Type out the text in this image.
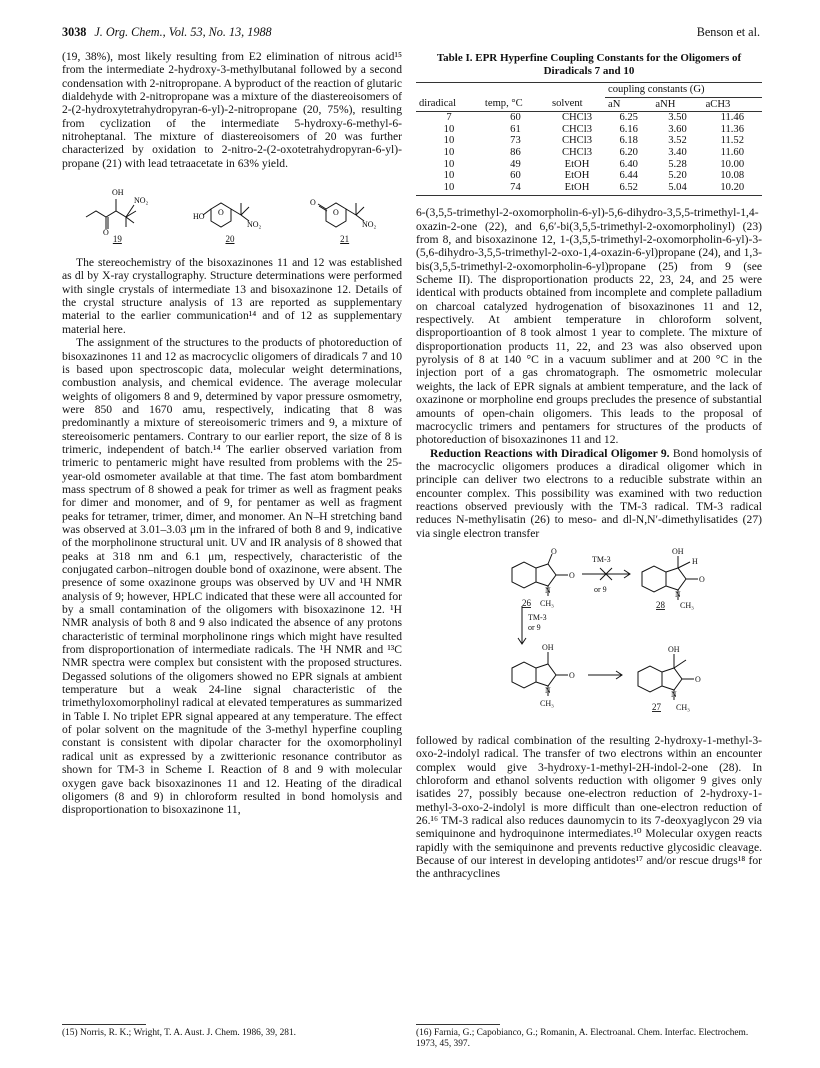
3038 J. Org. Chem., Vol. 53, No. 13, 1988	Benson et al.

(19, 38%), most likely resulting from E2 elimination of nitrous acid¹⁵ from the intermediate 2-hydroxy-3-methylbutanal followed by a second condensation with 2-nitropropane. A byproduct of the reaction of glutaric dialdehyde with 2-nitropropane was a mixture of the diastereoisomers of 2-(2-hydroxytetrahydropyran-6-yl)-2-nitropropane (20, 75%), resulting from cyclization of the intermediate 5-hydroxy-6-methyl-6-nitroheptanal. The mixture of diastereoisomers of 20 was further characterized by oxidation to 2-nitro-2-(2-oxotetrahydropyran-6-yl)-propane (21) with lead tetraacetate in 63% yield.

OH
NO₂
O
19
HO O
NO₂
20
O
O
NO₂
21

The stereochemistry of the bisoxazinones 11 and 12 was established as dl by X-ray crystallography. Structure determinations were performed with single crystals of intermediate 13 and bisoxazinone 12. Details of the crystal structure analysis of 13 are reported as supplementary material to the earlier communication¹⁴ and of 12 as supplementary material here.

The assignment of the structures to the products of photoreduction of bisoxazinones 11 and 12 as macrocyclic oligomers of diradicals 7 and 10 is based upon spectroscopic data, molecular weight determinations, combustion analysis, and chemical evidence. The average molecular weights of oligomers 8 and 9, determined by vapor pressure osmometry, were 850 and 1670 amu, respectively, indicating that 8 was predominantly a mixture of stereoisomeric trimers and 9, a mixture of stereoisomeric pentamers. Contrary to our earlier report, the size of 8 is trimeric, independent of batch.¹⁴ The earlier observed variation from trimeric to pentameric might have resulted from problems with the 25-year-old osmometer available at that time. The fast atom bombardment mass spectrum of 8 showed a peak for trimer as well as fragment peaks for dimer and monomer, and of 9, for pentamer as well as fragment peaks for tetramer, trimer, dimer, and monomer. An N–H stretching band was observed at 3.01–3.03 μm in the infrared of both 8 and 9, indicative of the morpholinone structural unit. UV and IR analysis of 8 showed that peaks at 318 nm and 6.1 μm, respectively, characteristic of the conjugated carbon–nitrogen double bond of oxazinone, were absent. The presence of some oxazinone groups was observed by UV and ¹H NMR analysis of 9; however, HPLC indicated that these were all accounted for by a small contamination of the oligomers with bisoxazinone 12. ¹H NMR analysis of both 8 and 9 also indicated the absence of any protons characteristic of terminal morpholinone rings which might have resulted from disproportionation of intermediate radicals. The ¹H NMR and ¹³C NMR spectra were complex but consistent with the proposed structures. Degassed solutions of the oligomers showed no EPR signals at ambient temperature but a weak 24-line signal characteristic of the trimethyloxomorpholinyl radical at elevated temperatures as summarized in Table I. No triplet EPR signal appeared at any temperature. The effect of polar solvent on the magnitude of the 3-methyl hyperfine coupling constant is consistent with dipolar character for the oxomorpholinyl radical unit as expressed by a zwitterionic resonance contributor as shown for TM-3 in Scheme I. Reaction of 8 and 9 with molecular oxygen gave back bisoxazinones 11 and 12. Heating of the diradical oligomers (8 and 9) in chloroform resulted in bond homolysis and disproportionation to bisoxazinone 11,

Table I. EPR Hyperfine Coupling Constants for the Oligomers of Diradicals 7 and 10
			coupling constants (G)		
diradical	temp, °C	solvent	aN	aNH	aCH3
7	60	CHCl3	6.25	3.50	11.46
10	61	CHCl3	6.16	3.60	11.36
10	73	CHCl3	6.18	3.52	11.52
10	86	CHCl3	6.20	3.40	11.60
10	49	EtOH	6.40	5.28	10.00
10	60	EtOH	6.44	5.20	10.08
10	74	EtOH	6.52	5.04	10.20

6-(3,5,5-trimethyl-2-oxomorpholin-6-yl)-5,6-dihydro-3,5,5-trimethyl-1,4-oxazin-2-one (22), and 6,6′-bi(3,5,5-trimethyl-2-oxomorpholinyl) (23) from 8, and bisoxazinone 12, 1-(3,5,5-trimethyl-2-oxomorpholin-6-yl)-3-(5,6-dihydro-3,5,5-trimethyl-2-oxo-1,4-oxazin-6-yl)propane (24), and 1,3-bis(3,5,5-trimethyl-2-oxomorpholin-6-yl)propane (25) from 9 (see Scheme II). The disproportionation products 22, 23, 24, and 25 were identical with products obtained from incomplete and complete palladium on charcoal catalyzed hydrogenation of bisoxazinones 11 and 12, respectively. At ambient temperature in chloroform solvent, disproportioantion of 8 took almost 1 year to complete. The mixture of disproportionation products 11, 22, and 23 was also observed upon pyrolysis of 8 at 140 °C in a vacuum sublimer and at 200 °C in the injection port of a gas chromatograph. The osmometric molecular weights, the lack of EPR signals at ambient temperature, and the lack of oxazinone or morpholine end groups precludes the presence of substantial amounts of open-chain oligomers. This leads to the proposal of macrocyclic trimers and pentamers for structures of the products of photoreduction of bisoxazinones 11 and 12.

Reduction Reactions with Diradical Oligomer 9. Bond homolysis of the macrocyclic oligomers produces a diradical oligomer which in principle can deliver two electrons to a reducible substrate within an encounter complex. This possibility was examined with two reduction reactions observed previously with the TM-3 radical. TM-3 radical reduces N-methylisatin (26) to meso- and dl-N,N′-dimethylisatides (27) via single electron transfer

O
O
N
CH₃
TM-3
or 9
OH
H
O
N
CH₃
TM-3
or 9
OH
O
N
CH₃
OH
O
N
CH₃
26	28
27

followed by radical combination of the resulting 2-hydroxy-1-methyl-3-oxo-2-indolyl radical. The transfer of two electrons within an encounter complex would give 3-hydroxy-1-methyl-2H-indol-2-one (28). In chloroform and ethanol solvents reduction with oligomer 9 gives only isatides 27, possibly because one-electron reduction of 2-hydroxy-1-methyl-3-oxo-2-indolyl is more difficult than one-electron reduction of 26.¹⁶ TM-3 radical also reduces daunomycin to its 7-deoxyaglycon 29 via semiquinone and hydroquinone intermediates.¹⁰ Molecular oxygen reacts rapidly with the semiquinone and prevents reductive glycosidic cleavage. Because of our interest in developing antidotes¹⁷ and/or rescue drugs¹⁸ for the anthracyclines

(15) Norris, R. K.; Wright, T. A. Aust. J. Chem. 1986, 39, 281.	(16) Farnia, G.; Capobianco, G.; Romanin, A. Electroanal. Chem. Interfac. Electrochem. 1973, 45, 397.
